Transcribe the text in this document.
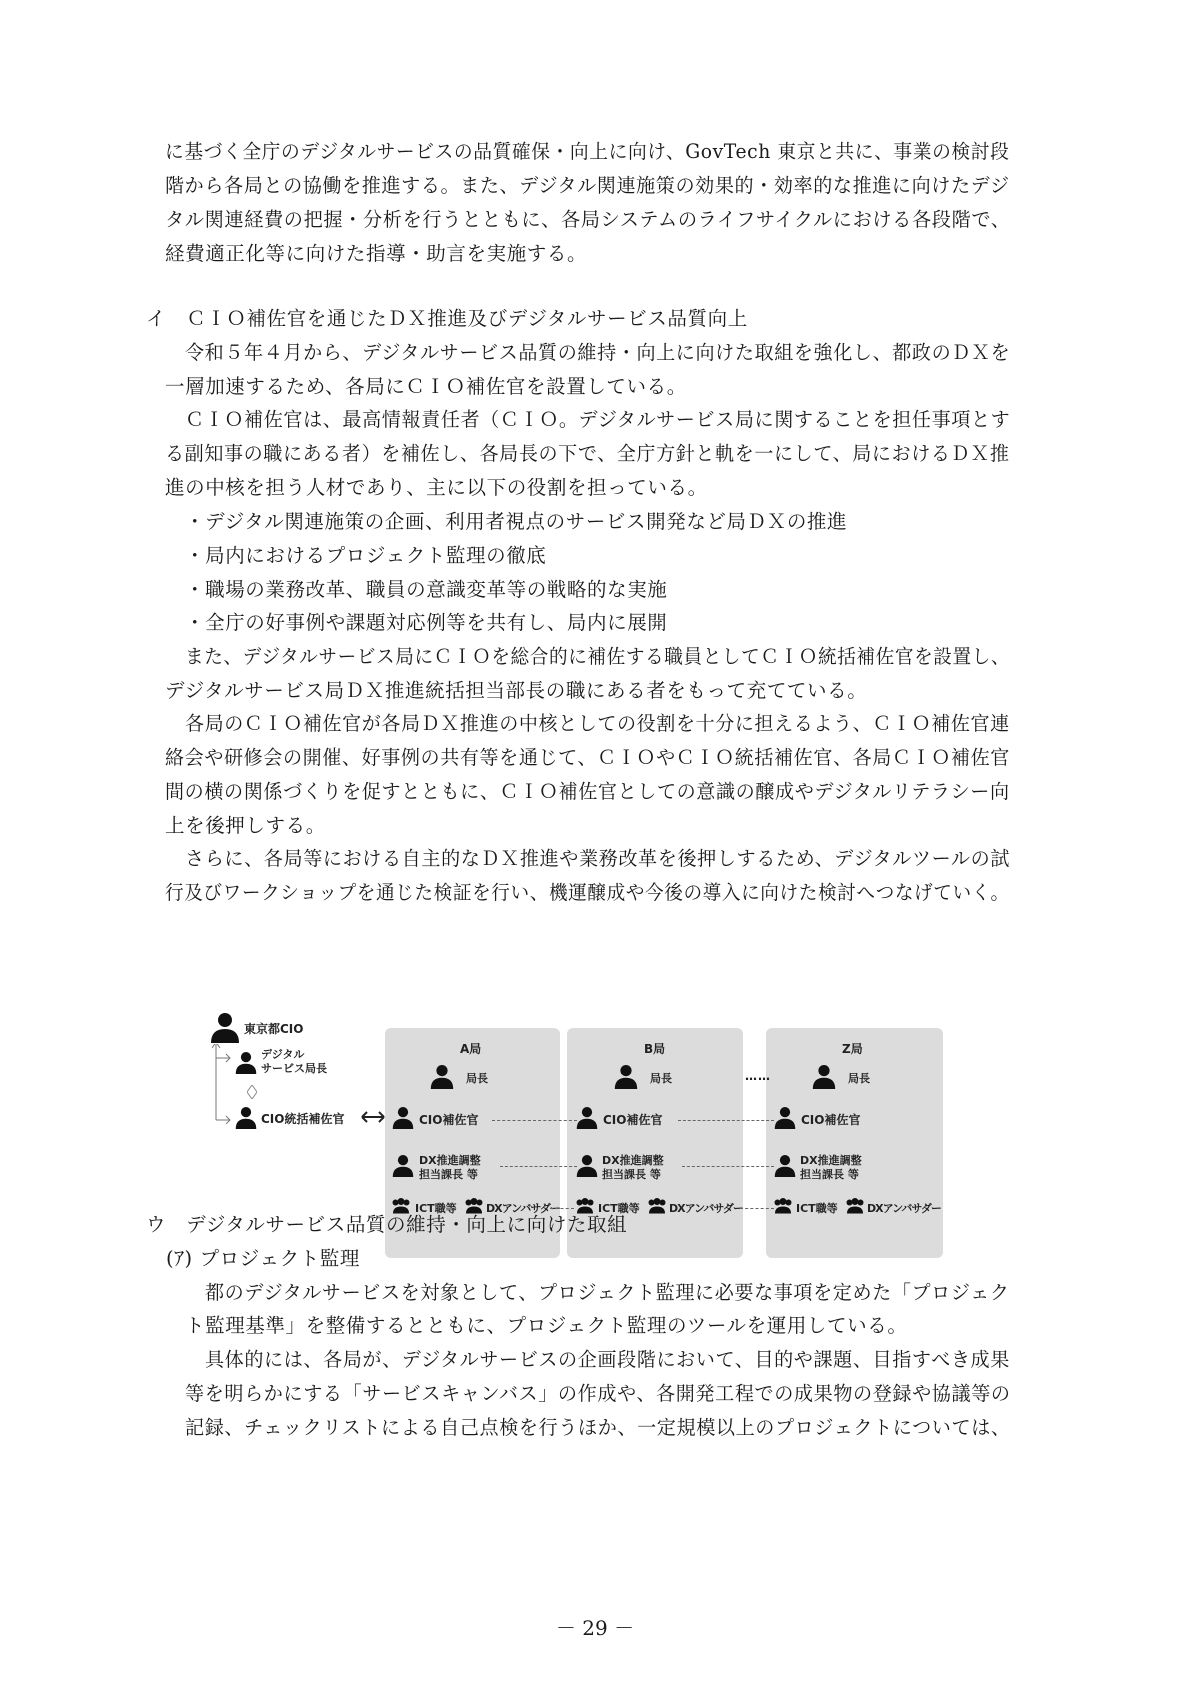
に基づく全庁のデジタルサービスの品質確保・向上に向け、GovTech 東京と共に、事業の検討段
階から各局との協働を推進する。また、デジタル関連施策の効果的・効率的な推進に向けたデジ
タル関連経費の把握・分析を行うとともに、各局システムのライフサイクルにおける各段階で、
経費適正化等に向けた指導・助言を実施する。
イ　ＣＩＯ補佐官を通じたＤＸ推進及びデジタルサービス品質向上
令和５年４月から、デジタルサービス品質の維持・向上に向けた取組を強化し、都政のＤＸを
一層加速するため、各局にＣＩＯ補佐官を設置している。
ＣＩＯ補佐官は、最高情報責任者（ＣＩＯ。デジタルサービス局に関することを担任事項とす
る副知事の職にある者）を補佐し、各局長の下で、全庁方針と軌を一にして、局におけるＤＸ推
進の中核を担う人材であり、主に以下の役割を担っている。
・デジタル関連施策の企画、利用者視点のサービス開発など局ＤＸの推進
・局内におけるプロジェクト監理の徹底
・職場の業務改革、職員の意識変革等の戦略的な実施
・全庁の好事例や課題対応例等を共有し、局内に展開
また、デジタルサービス局にＣＩＯを総合的に補佐する職員としてＣＩＯ統括補佐官を設置し、
デジタルサービス局ＤＸ推進統括担当部長の職にある者をもって充てている。
各局のＣＩＯ補佐官が各局ＤＸ推進の中核としての役割を十分に担えるよう、ＣＩＯ補佐官連
絡会や研修会の開催、好事例の共有等を通じて、ＣＩＯやＣＩＯ統括補佐官、各局ＣＩＯ補佐官
間の横の関係づくりを促すとともに、ＣＩＯ補佐官としての意識の醸成やデジタルリテラシー向
上を後押しする。
さらに、各局等における自主的なＤＸ推進や業務改革を後押しするため、デジタルツールの試
行及びワークショップを通じた検証を行い、機運醸成や今後の導入に向けた検討へつなげていく。
東京都CIO
デジタル
サービス局長
CIO統括補佐官
A局	B局	Z局
局長	局長	局長
……
CIO補佐官	CIO補佐官	CIO補佐官
DX推進調整
担当課長 等
DX推進調整
担当課長 等
DX推進調整
担当課長 等
ICT職等	DXアンバサダー	ICT職等	DXアンバサダー	ICT職等	DXアンバサダー
ウ　デジタルサービス品質の維持・向上に向けた取組
(ｱ) プロジェクト監理
都のデジタルサービスを対象として、プロジェクト監理に必要な事項を定めた「プロジェク
ト監理基準」を整備するとともに、プロジェクト監理のツールを運用している。
具体的には、各局が、デジタルサービスの企画段階において、目的や課題、目指すべき成果
等を明らかにする「サービスキャンバス」の作成や、各開発工程での成果物の登録や協議等の
記録、チェックリストによる自己点検を行うほか、一定規模以上のプロジェクトについては、
－ 29 －
